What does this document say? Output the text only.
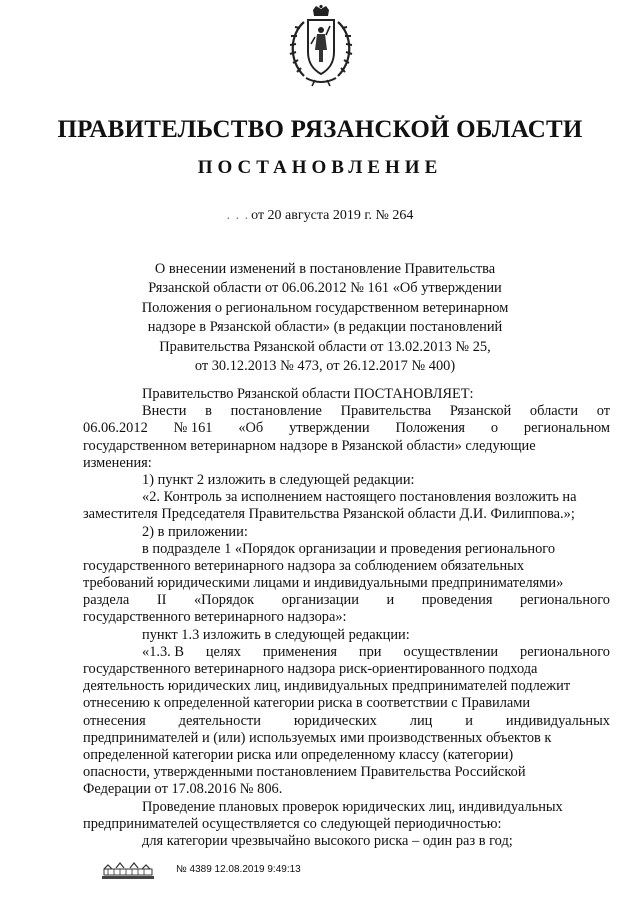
ПРАВИТЕЛЬСТВО РЯЗАНСКОЙ ОБЛАСТИ
ПОСТАНОВЛЕНИЕ
. . . от 20 августа 2019 г. № 264
О внесении изменений в постановление Правительства
Рязанской области от 06.06.2012 № 161 «Об утверждении
Положения о региональном государственном ветеринарном
надзоре в Рязанской области» (в редакции постановлений
Правительства Рязанской области от 13.02.2013 № 25,
от 30.12.2013 № 473, от 26.12.2017 № 400)
Правительство Рязанской области ПОСТАНОВЛЯЕТ:
Внести в постановление Правительства Рязанской области от
06.06.2012 № 161 «Об утверждении Положения о региональном
государственном ветеринарном надзоре в Рязанской области» следующие
изменения:
1) пункт 2 изложить в следующей редакции:
«2. Контроль за исполнением настоящего постановления возложить на
заместителя Председателя Правительства Рязанской области Д.И. Филиппова.»;
2) в приложении:
в подразделе 1 «Порядок организации и проведения регионального
государственного ветеринарного надзора за соблюдением обязательных
требований юридическими лицами и индивидуальными предпринимателями»
раздела II «Порядок организации и проведения регионального
государственного ветеринарного надзора»:
пункт 1.3 изложить в следующей редакции:
«1.3. В целях применения при осуществлении регионального
государственного ветеринарного надзора риск-ориентированного подхода
деятельность юридических лиц, индивидуальных предпринимателей подлежит
отнесению к определенной категории риска в соответствии с Правилами
отнесения деятельности юридических лиц и индивидуальных
предпринимателей и (или) используемых ими производственных объектов к
определенной категории риска или определенному классу (категории)
опасности, утвержденными постановлением Правительства Российской
Федерации от 17.08.2016 № 806.
Проведение плановых проверок юридических лиц, индивидуальных
предпринимателей осуществляется со следующей периодичностью:
для категории чрезвычайно высокого риска – один раз в год;
№ 4389 12.08.2019 9:49:13
